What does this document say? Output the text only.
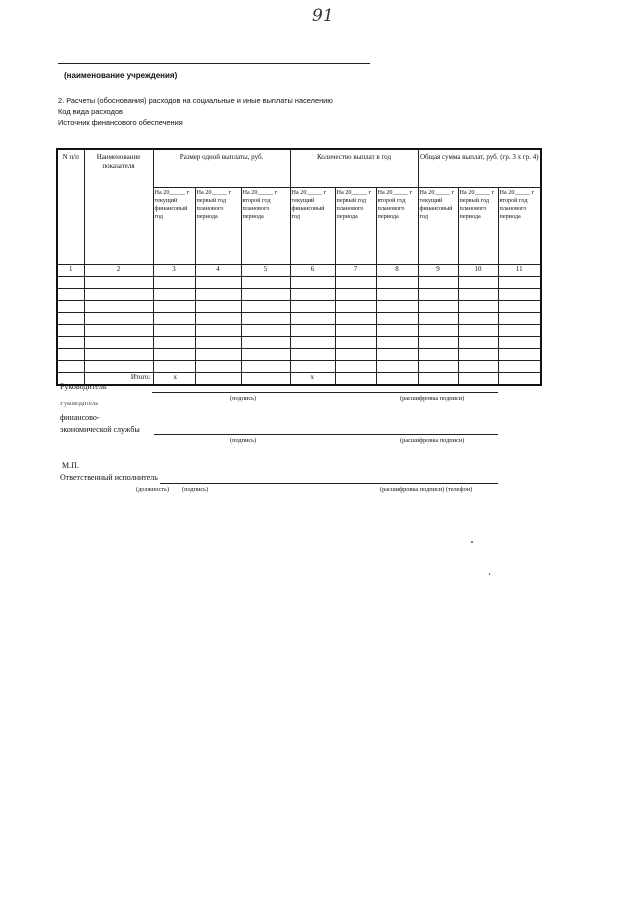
91
(наименование учреждения)
2. Расчеты (обоснования) расходов на социальные и иные выплаты населению
Код вида расходов
Источник финансового обеспечения
N п/п	Наименование показателя	Размер одной выплаты, руб.			Количество выплат в год			Общая сумма выплат, руб. (гр. 3 х гр. 4)		
		На 20_____ г текущий финансовый год	На 20_____ г первый год планового периода	На 20_____ г второй год планового периода	На 20_____ г текущий финансовый год	На 20_____ г первый год планового периода	На 20_____ г второй год планового периода	На 20_____ г текущий финансовый год	На 20_____ г первый год планового периода	На 20_____ г второй год планового периода
1	2	3	4	5	6	7	8	9	10	11

	Итого:	х			х					
Руководитель
(подпись)	(расшифровка подписи)
Руководитель
финансово-
экономической службы
(подпись)	(расшифровка подписи)
М.П.
Ответственный исполнитель
(должность) (подпись)	(расшифровка подписи) (телефон)
